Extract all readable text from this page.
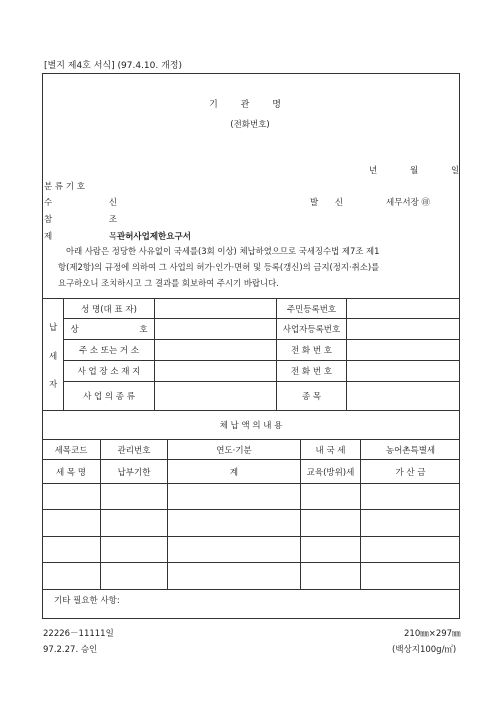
[별지 제4호 서식] (97.4.10. 개정)
기 관 명
(전화번호)
년	월	일
분 류 기 호
수 신	발 신	세무서장 ㊞
참 조
제 목 관허사업제한요구서
아래 사람은 정당한 사유없이 국세를(3회 이상) 체납하였으므로 국세징수법 제7조 제1
항(제2항)의 규정에 의하여 그 사업의 허가·인가·면허 및 등록(갱신)의 금지(정지·취소)를
요구하오니 조치하시고 그 결과를 회보하여 주시기 바랍니다.
납
세
자
성 명(대 표 자)	주민등록번호
상 호	사업자등록번호
주 소 또는 거 소	전 화 번 호
사 업 장 소 재 지	전 화 번 호
사 업 의 종 류	종 목
체 납 액 의 내 용
세목코드	관리번호	연도·기분	내 국 세	농어촌특별세
세 목 명	납부기한	계	교육(방위)세	가 산 금
기타 필요한 사항:
22226－11111일
97.2.27. 승인
210㎜×297㎜
(백상지100g/㎡)
